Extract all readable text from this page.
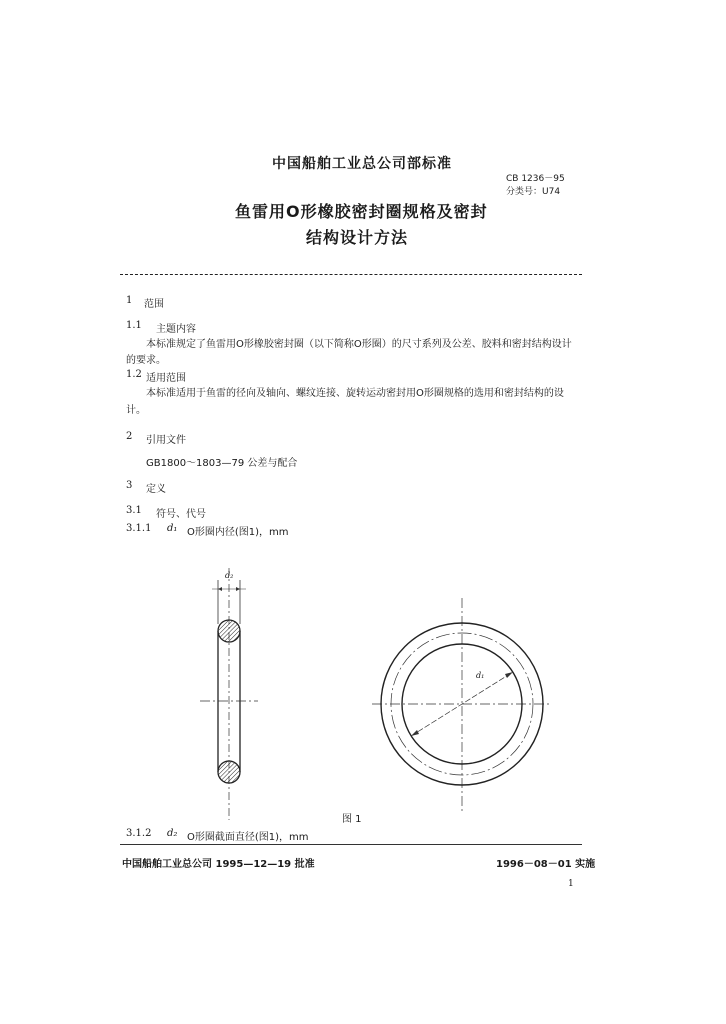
中国船舶工业总公司部标准
CB 1236－95
分类号：U74
鱼雷用O形橡胶密封圈规格及密封
结构设计方法
1 范围
1.1 主题内容
本标准规定了鱼雷用O形橡胶密封圈（以下简称O形圈）的尺寸系列及公差、胶料和密封结构设计
的要求。
1.2 适用范围
本标准适用于鱼雷的径向及轴向、螺纹连接、旋转运动密封用O形圈规格的选用和密封结构的设
计。
2 引用文件
GB1800～1803—79 公差与配合
3 定义
3.1 符号、代号
3.1.1 d₁ O形圈内径(图1)，mm
d₂
d₁
图 1
3.1.2 d₂ O形圈截面直径(图1)，mm
中国船舶工业总公司 1995—12—19 批准	1996－08－01 实施
1
